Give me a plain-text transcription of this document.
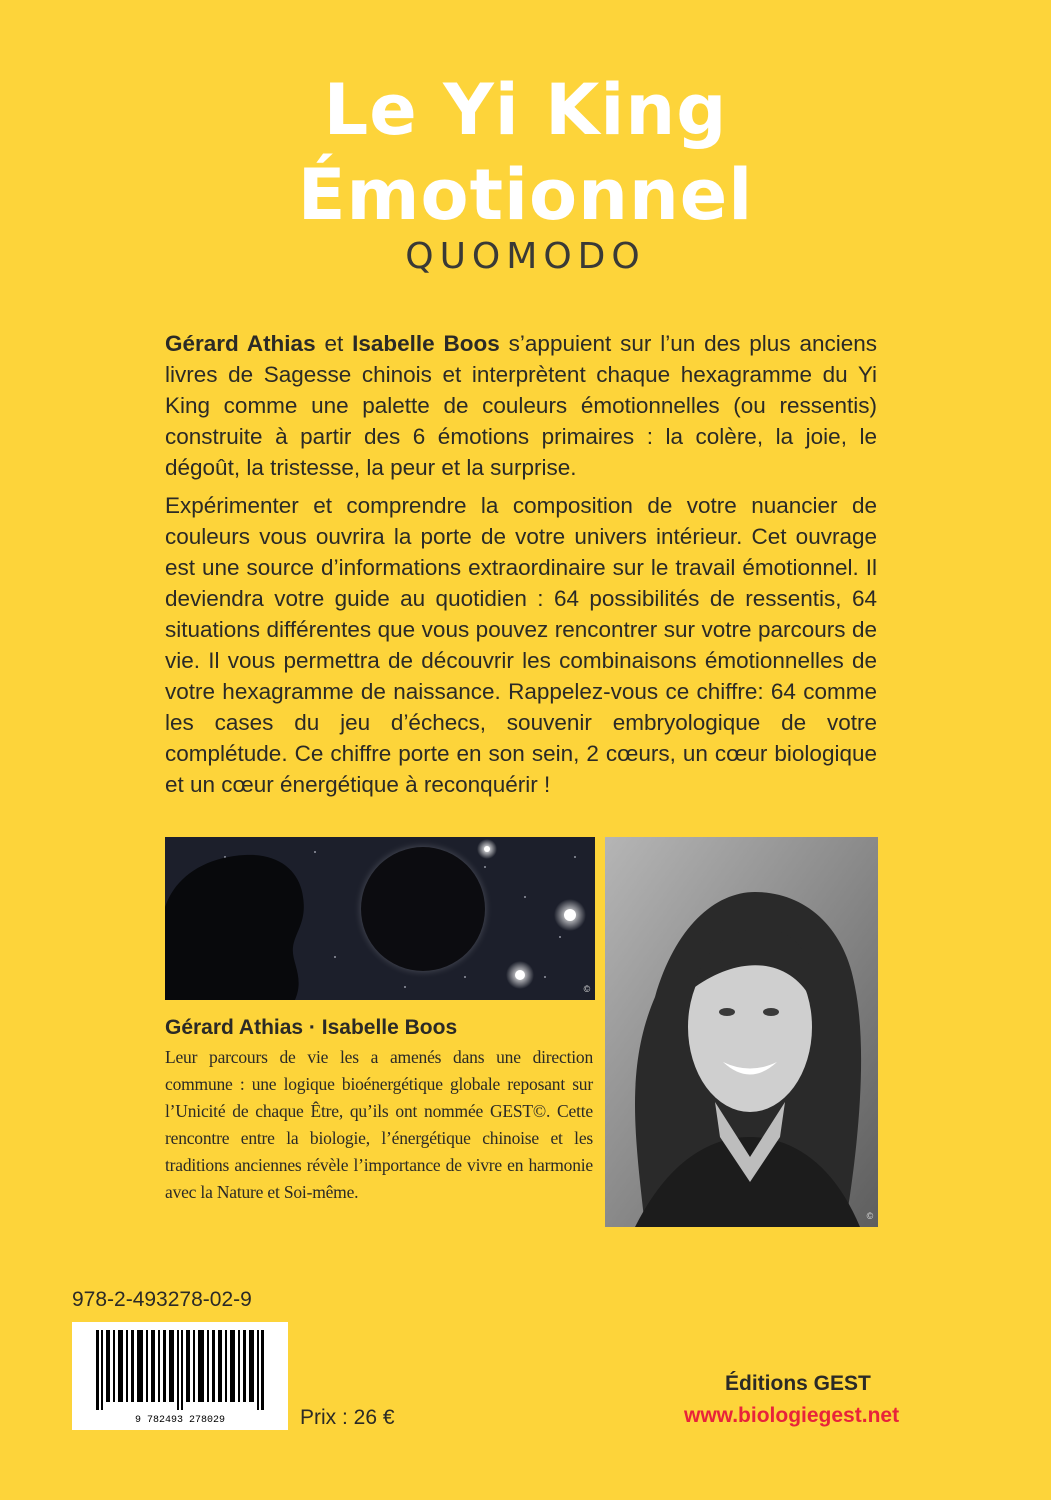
Le Yi King
Émotionnel
QUOMODO

Gérard Athias et Isabelle Boos s’appuient sur l’un des plus anciens livres de Sagesse chinois et interprètent chaque hexagramme du Yi King comme une palette de couleurs émotionnelles (ou ressentis) construite à partir des 6 émotions primaires : la colère, la joie, le dégoût, la tristesse, la peur et la surprise.

Expérimenter et comprendre la composition de votre nuancier de couleurs vous ouvrira la porte de votre univers intérieur. Cet ouvrage est une source d’informations extraordinaire sur le travail émotionnel. Il deviendra votre guide au quotidien : 64 possibilités de ressentis, 64 situations différentes que vous pouvez rencontrer sur votre parcours de vie. Il vous permettra de découvrir les combinaisons émotionnelles de votre hexagramme de naissance. Rappelez-vous ce chiffre: 64 comme les cases du jeu d’échecs, souvenir embryologique de votre complétude. Ce chiffre porte en son sein, 2 cœurs, un cœur biologique et un cœur énergétique à reconquérir !

©
©
Gérard Athias · Isabelle Boos

Leur parcours de vie les a amenés dans une direction commune : une logique bioénergétique globale reposant sur l’Unicité de chaque Être, qu’ils ont nommée GEST©. Cette rencontre entre la biologie, l’énergétique chinoise et les traditions anciennes révèle l’importance de vivre en harmonie avec la Nature et Soi-même.

978-2-493278-02-9
9 782493 278029	Prix : 26 €
Éditions GEST
www.biologiegest.net
